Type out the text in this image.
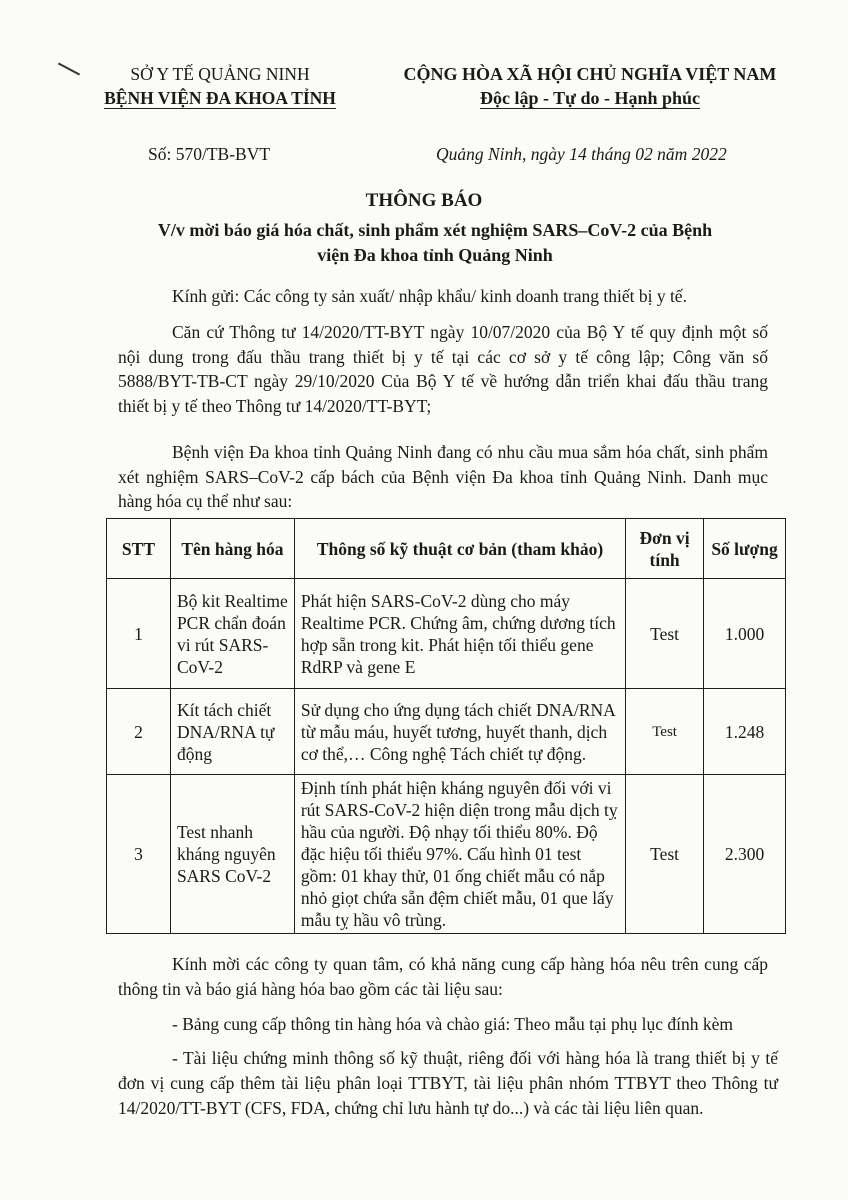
SỞ Y TẾ QUẢNG NINH
BỆNH VIỆN ĐA KHOA TỈNH
CỘNG HÒA XÃ HỘI CHỦ NGHĨA VIỆT NAM
Độc lập - Tự do - Hạnh phúc
Số: 570/TB-BVT	Quảng Ninh, ngày 14 tháng 02 năm 2022
THÔNG BÁO
V/v mời báo giá hóa chất, sinh phẩm xét nghiệm SARS–CoV-2 của Bệnh
viện Đa khoa tỉnh Quảng Ninh
Kính gửi: Các công ty sản xuất/ nhập khẩu/ kinh doanh trang thiết bị y tế.

Căn cứ Thông tư 14/2020/TT-BYT ngày 10/07/2020 của Bộ Y tế quy định một số nội dung trong đấu thầu trang thiết bị y tế tại các cơ sở y tế công lập; Công văn số 5888/BYT-TB-CT ngày 29/10/2020 Của Bộ Y tế về hướng dẫn triển khai đấu thầu trang thiết bị y tế theo Thông tư 14/2020/TT-BYT;

Bệnh viện Đa khoa tỉnh Quảng Ninh đang có nhu cầu mua sắm hóa chất, sinh phẩm xét nghiệm SARS–CoV-2 cấp bách của Bệnh viện Đa khoa tỉnh Quảng Ninh. Danh mục hàng hóa cụ thể như sau:

STT	Tên hàng hóa	Thông số kỹ thuật cơ bản (tham khảo)	Đơn vị tính	Số lượng
1	Bộ kit Realtime PCR chẩn đoán vi rút SARS-CoV-2	Phát hiện SARS-CoV-2 dùng cho máy Realtime PCR. Chứng âm, chứng dương tích hợp sẵn trong kit. Phát hiện tối thiểu gene RdRP và gene E	Test	1.000
2	Kít tách chiết DNA/RNA tự động	Sử dụng cho ứng dụng tách chiết DNA/RNA từ mẫu máu, huyết tương, huyết thanh, dịch cơ thể,… Công nghệ Tách chiết tự động.	Test	1.248
3	Test nhanh kháng nguyên SARS CoV-2	Định tính phát hiện kháng nguyên đối với vi rút SARS-CoV-2 hiện diện trong mẫu dịch tỵ hầu của người. Độ nhạy tối thiểu 80%. Độ đặc hiệu tối thiểu 97%. Cấu hình 01 test gồm: 01 khay thử, 01 ống chiết mẫu có nắp nhỏ giọt chứa sẵn đệm chiết mẫu, 01 que lấy mẫu tỵ hầu vô trùng.	Test	2.300

Kính mời các công ty quan tâm, có khả năng cung cấp hàng hóa nêu trên cung cấp thông tin và báo giá hàng hóa bao gồm các tài liệu sau:

- Bảng cung cấp thông tin hàng hóa và chào giá: Theo mẫu tại phụ lục đính kèm
- Tài liệu chứng minh thông số kỹ thuật, riêng đối với hàng hóa là trang thiết bị y tế đơn vị cung cấp thêm tài liệu phân loại TTBYT, tài liệu phân nhóm TTBYT theo Thông tư 14/2020/TT-BYT (CFS, FDA, chứng chỉ lưu hành tự do...) và các tài liệu liên quan.
